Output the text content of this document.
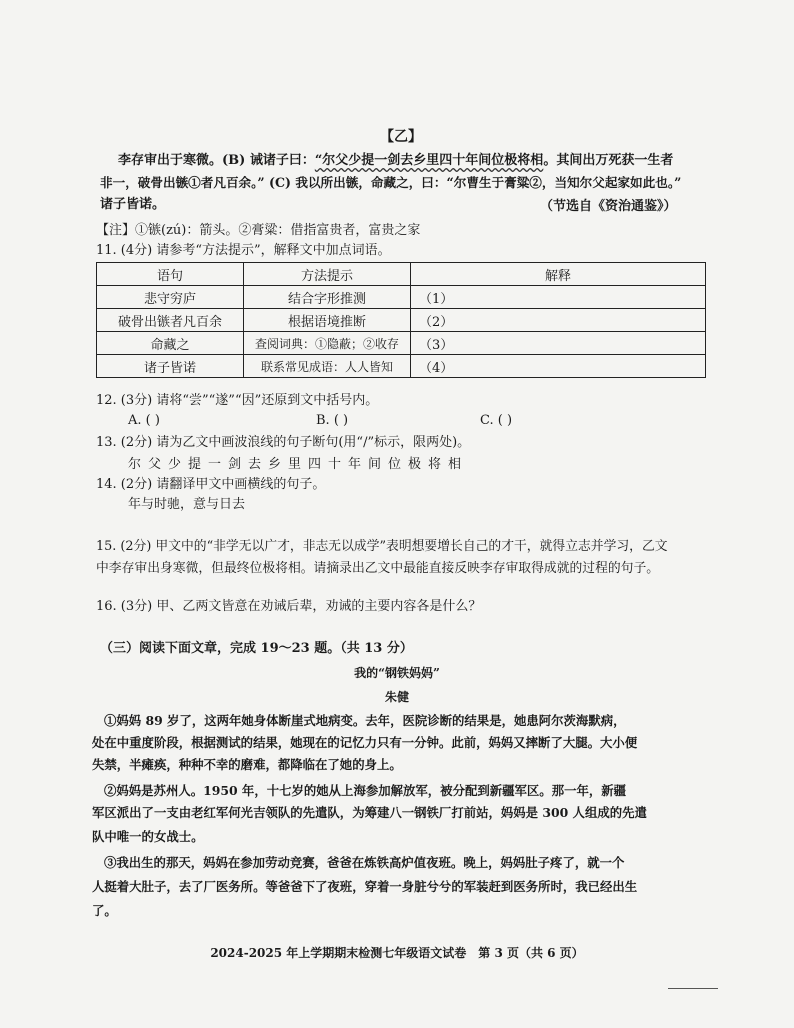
【乙】
李存审出于寒微。(B) 诫诸子曰：“尔父少提一剑去乡里四十年间位极将相。其间出万死获一生者
非一，破骨出镞①者凡百余。” (C) 我以所出镞，命藏之，曰：“尔曹生于膏粱②，当知尔父起家如此也。”
诸子皆诺。	（节选自《资治通鉴》）
【注】①镞(zú)：箭头。②膏粱：借指富贵者，富贵之家
11. (4分) 请参考“方法提示”，解释文中加点词语。
语句	方法提示	解释
悲守穷庐	结合字形推测	（1）
破骨出镞者凡百余	根据语境推断	（2）
命藏之	查阅词典：①隐蔽；②收存	（3）
诸子皆诺	联系常见成语：人人皆知	（4）
12. (3分) 请将“尝”“遂”“因”还原到文中括号内。
A. ( )	B. ( )	C. ( )
13. (2分) 请为乙文中画波浪线的句子断句(用“/”标示，限两处)。
尔父少提一剑去乡里四十年间位极将相
14. (2分) 请翻译甲文中画横线的句子。
年与时驰，意与日去
15. (2分) 甲文中的“非学无以广才，非志无以成学”表明想要增长自己的才干，就得立志并学习，乙文
中李存审出身寒微，但最终位极将相。请摘录出乙文中最能直接反映李存审取得成就的过程的句子。
16. (3分) 甲、乙两文皆意在劝诫后辈，劝诫的主要内容各是什么？
（三）阅读下面文章，完成 19～23 题。（共 13 分）
我的“钢铁妈妈”
朱健
①妈妈 89 岁了，这两年她身体断崖式地病变。去年，医院诊断的结果是，她患阿尔茨海默病，
处在中重度阶段，根据测试的结果，她现在的记忆力只有一分钟。此前，妈妈又摔断了大腿。大小便
失禁，半瘫痪，种种不幸的磨难，都降临在了她的身上。
②妈妈是苏州人。1950 年，十七岁的她从上海参加解放军，被分配到新疆军区。那一年，新疆
军区派出了一支由老红军何光吉领队的先遣队，为筹建八一钢铁厂打前站，妈妈是 300 人组成的先遣
队中唯一的女战士。
③我出生的那天，妈妈在参加劳动竞赛，爸爸在炼铁高炉值夜班。晚上，妈妈肚子疼了，就一个
人挺着大肚子，去了厂医务所。等爸爸下了夜班，穿着一身脏兮兮的军装赶到医务所时，我已经出生
了。
2024-2025 年上学期期末检测七年级语文试卷　第 3 页（共 6 页）
